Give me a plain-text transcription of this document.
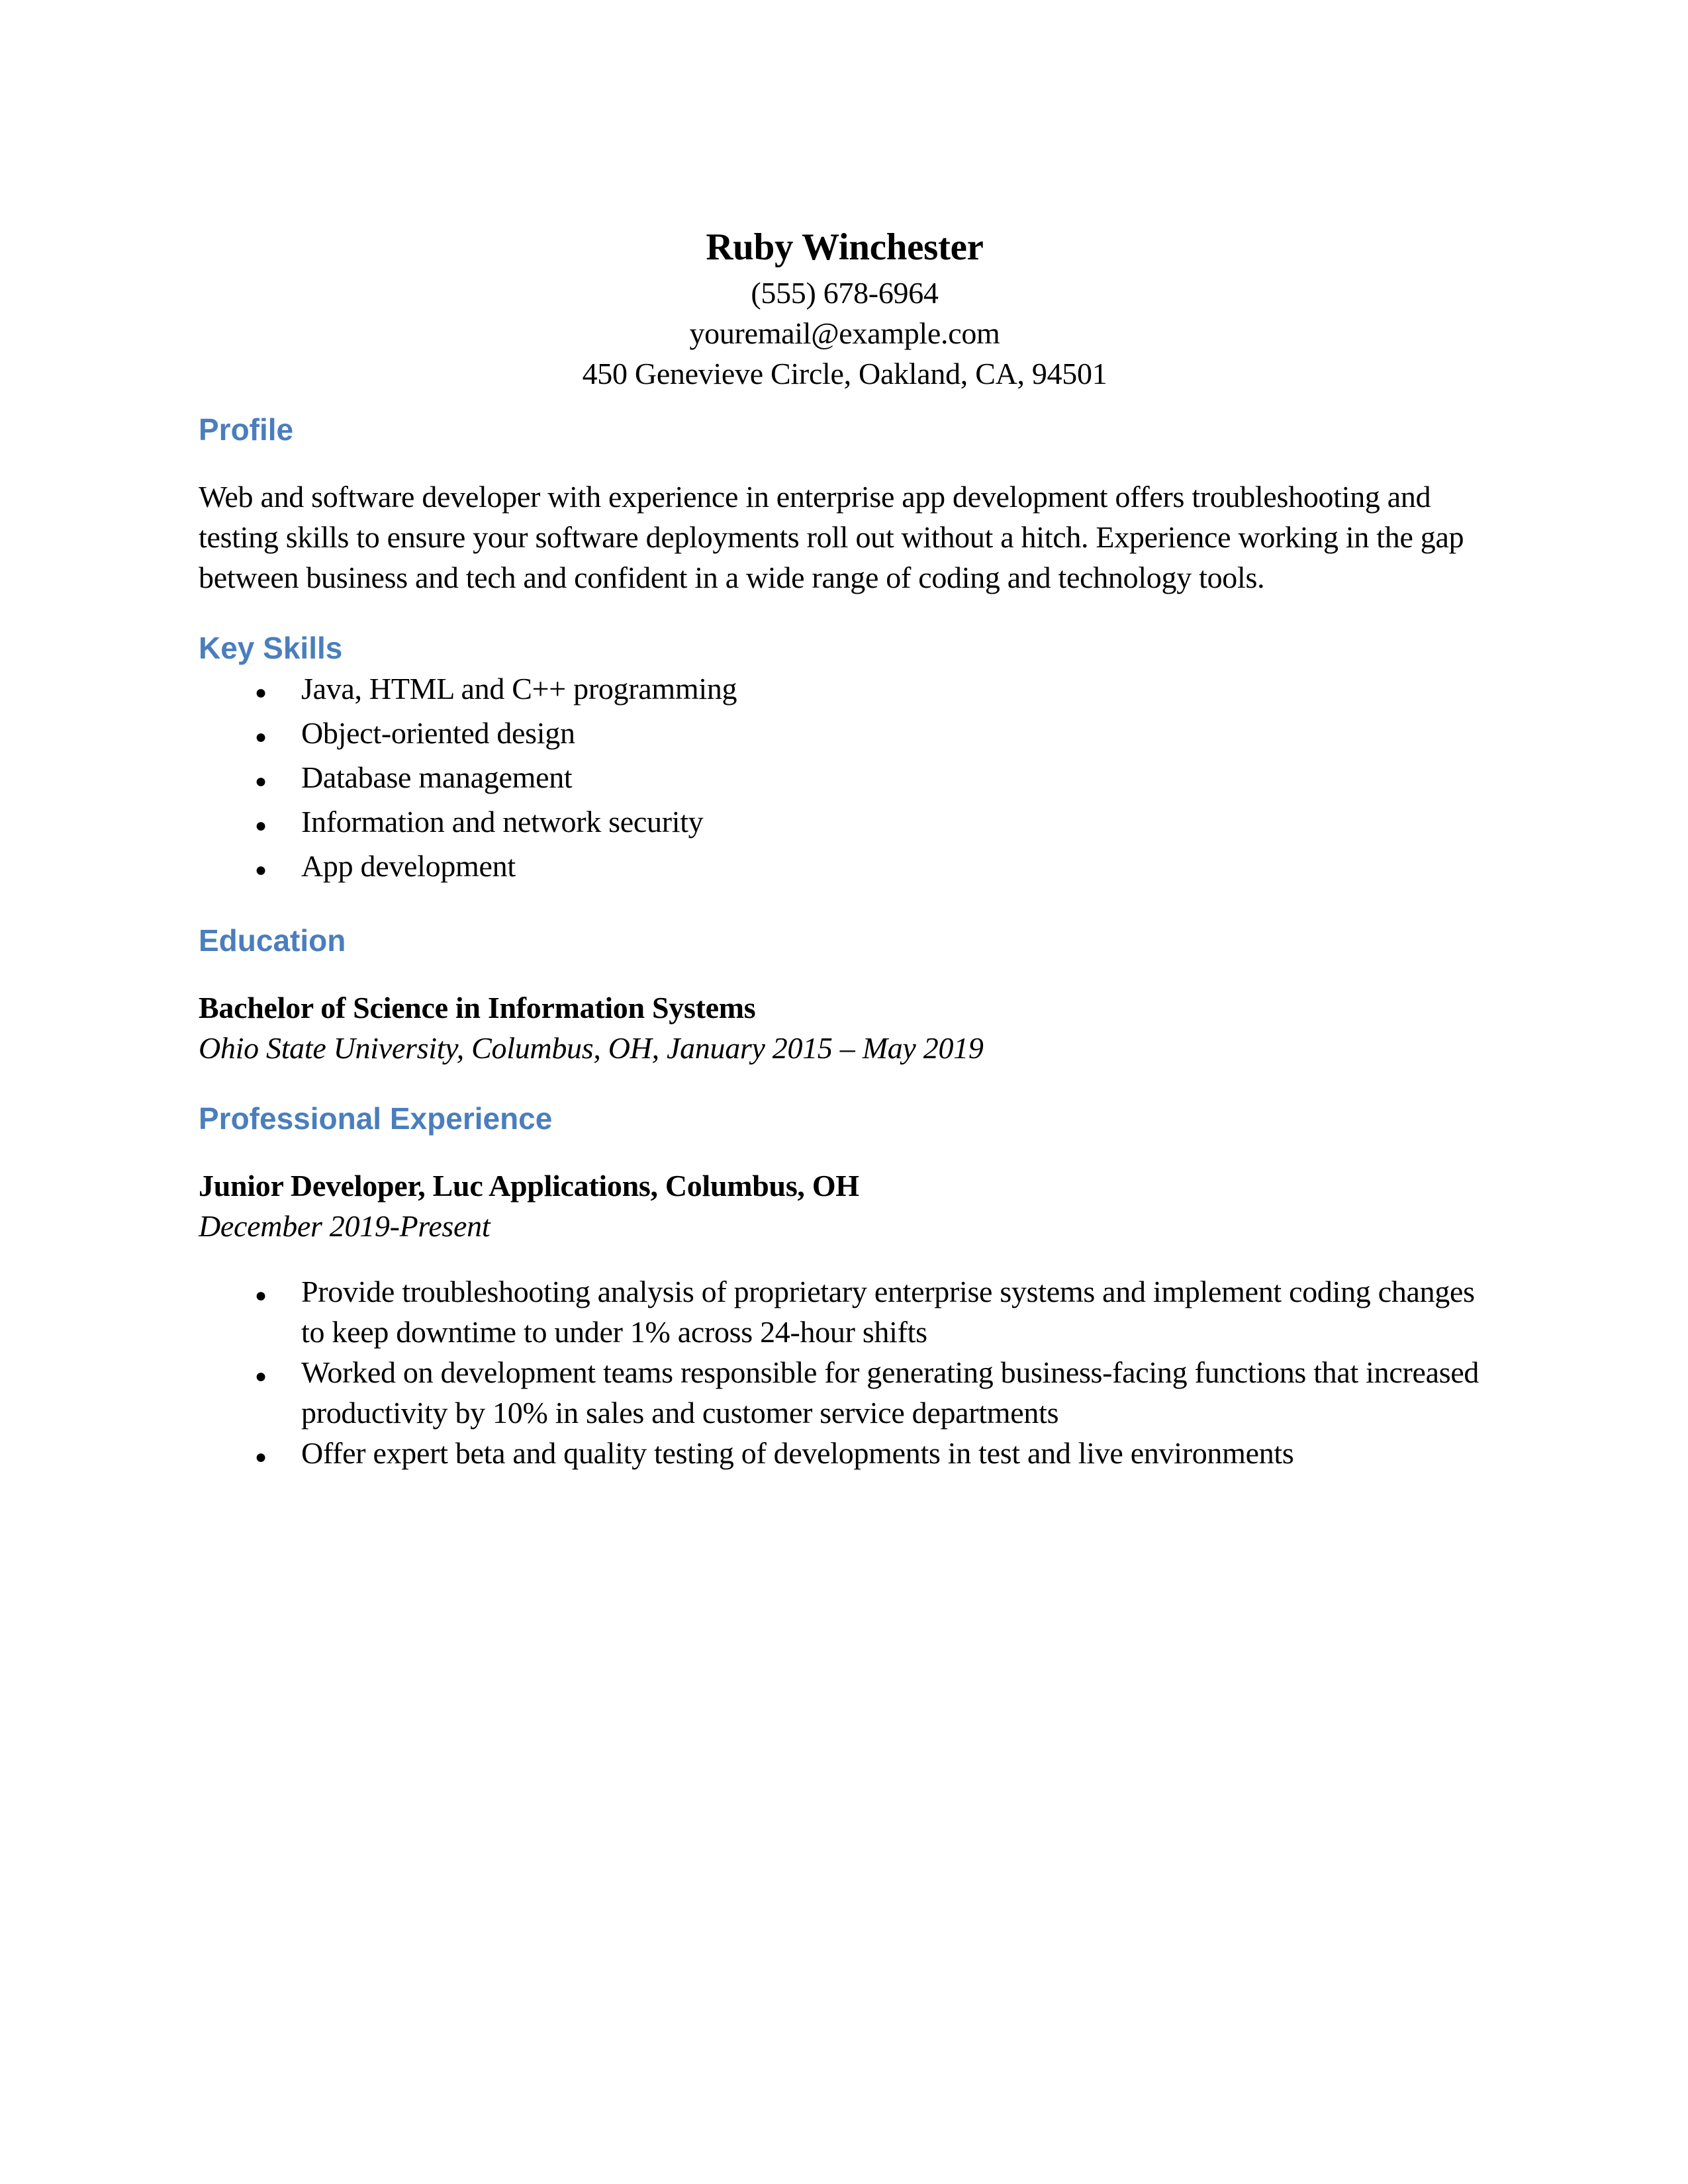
Ruby Winchester
(555) 678-6964
youremail@example.com
450 Genevieve Circle, Oakland, CA, 94501
Profile

Web and software developer with experience in enterprise app development offers troubleshooting and testing skills to ensure your software deployments roll out without a hitch. Experience working in the gap between business and tech and confident in a wide range of coding and technology tools.

Key Skills
●	Java, HTML and C++ programming
●	Object-oriented design
●	Database management
●	Information and network security
●	App development
Education

Bachelor of Science in Information Systems

Ohio State University, Columbus, OH, January 2015 – May 2019

Professional Experience

Junior Developer, Luc Applications, Columbus, OH

December 2019-Present

●	Provide troubleshooting analysis of proprietary enterprise systems and implement coding changes to keep downtime to under 1% across 24-hour shifts
●	Worked on development teams responsible for generating business-facing functions that increased productivity by 10% in sales and customer service departments
●	Offer expert beta and quality testing of developments in test and live environments
